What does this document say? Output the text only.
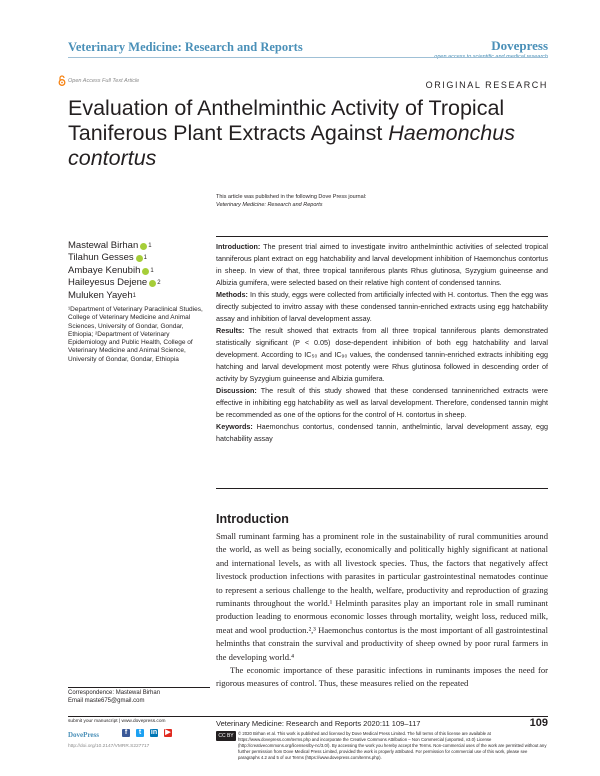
Veterinary Medicine: Research and Reports	Dovepress
Open Access Full Text Article	ORIGINAL RESEARCH
Evaluation of Anthelminthic Activity of Tropical Taniferous Plant Extracts Against Haemonchus contortus
This article was published in the following Dove Press journal:
Veterinary Medicine: Research and Reports
Mastewal Birhan 1
Tilahun Gesses 1
Ambaye Kenubih 1
Haileyesus Dejene 2
Muluken Yayeh 1
¹Department of Veterinary Paraclinical Studies, College of Veterinary Medicine and Animal Sciences, University of Gondar, Gondar, Ethiopia; ²Department of Veterinary Epidemiology and Public Health, College of Veterinary Medicine and Animal Science, University of Gondar, Gondar, Ethiopia

Introduction: The present trial aimed to investigate invitro anthelminthic activities of selected tropical tanniferous plant extract on egg hatchability and larval development inhibition of Haemonchus contortus in sheep. In view of that, three tropical tanniferous plants Rhus glutinosa, Syzygium guineense and Albizia gumifera, were selected based on their relative high content of condensed tannins.

Methods: In this study, eggs were collected from artificially infected with H. contortus. Then the egg was directly subjected to invitro assay with these condensed tannin-enriched extracts using egg hatchability assay and inhibition of larval development assay.

Results: The result showed that extracts from all three tropical tanniferous plants demonstrated statistically significant (P < 0.05) dose-dependent inhibition of both egg hatchability and larval development. According to IC₅₀ and IC₉₀ values, the condensed tannin-enriched extracts inhibiting egg hatching and larval development most potently were Rhus glutinosa followed in descending order of activity by Syzygium guineense and Albizia gumifera.

Discussion: The result of this study showed that these condensed tanninenriched extracts were effective in inhibiting egg hatchability as well as larval development. Therefore, condensed tannin might be recommended as one of the options for the control of H. contortus in sheep.

Keywords: Haemonchus contortus, condensed tannin, anthelmintic, larval development assay, egg hatchability assay

Introduction

Small ruminant farming has a prominent role in the sustainability of rural communities around the world, as well as being socially, economically and politically highly significant at national and international levels, as with all livestock species. Thus, the factors that negatively affect livestock production infections with parasites in particular gastrointestinal nematodes continue to represent a serious challenge to the health, welfare, productivity and reproduction of grazing ruminants throughout the world.¹ Helminth parasites play an important role in small ruminant production leading to enormous economic losses through mortality, weight loss, reduced milk, meat and wool production.²,³ Haemonchus contortus is the most important of all gastrointestinal helminths that constrain the survival and productivity of sheep owned by poor rural farmers in the developing world.⁴

The economic importance of these parasitic infections in ruminants imposes the need for rigorous measures of control. Thus, these measures relied on the repeated

Correspondence: Mastewal Birhan
Email maste675@gmail.com
submit your manuscript | www.dovepress.com
DovePress	f	t	in ▶
http://doi.org/10.2147/VMRR.S227717
Veterinary Medicine: Research and Reports 2020:11 109–117	109
CC BY NC
© 2020 Birhan et al. This work is published and licensed by Dove Medical Press Limited. The full terms of this license are available at https://www.dovepress.com/terms.php and incorporate the Creative Commons Attribution – Non Commercial (unported, v3.0) License (http://creativecommons.org/licenses/by-nc/3.0/). By accessing the work you hereby accept the Terms. Non-commercial uses of the work are permitted without any further permission from Dove Medical Press Limited, provided the work is properly attributed. For permission for commercial use of this work, please see paragraphs 4.2 and 5 of our Terms (https://www.dovepress.com/terms.php).
